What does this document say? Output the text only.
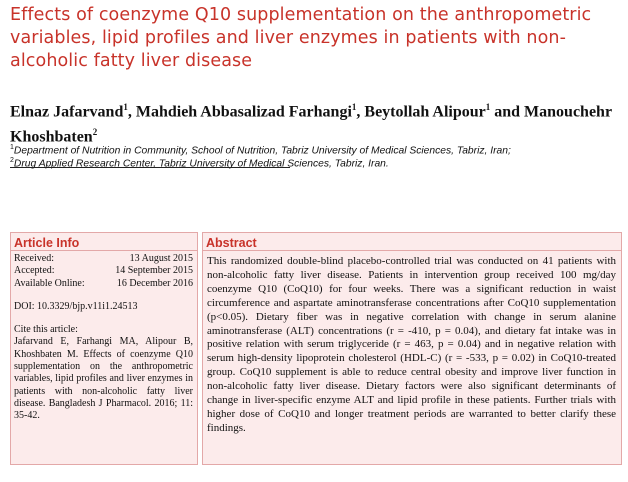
Effects of coenzyme Q10 supplementation on the anthropometric variables, lipid profiles and liver enzymes in patients with non-alcoholic fatty liver disease
Elnaz Jafarvand$^1$, Mahdieh Abbasalizad Farhangi$^1$, Beytollah Alipour$^1$ and Manouchehr Khoshbaten$^2$
$^1$Department of Nutrition in Community, School of Nutrition, Tabriz University of Medical Sciences, Tabriz, Iran;
$^2$Drug Applied Research Center, Tabriz University of Medical Sciences, Tabriz, Iran.
Article Info
Received:	13 August 2015
Accepted:	14 September 2015
Available Online:	16 December 2016
DOI: 10.3329/bjp.v11i1.24513
Cite this article:
Jafarvand E, Farhangi MA, Alipour B, Khoshbaten M. Effects of coenzyme Q10 supplementation on the anthropometric variables, lipid profiles and liver enzymes in patients with non-alcoholic fatty liver disease. Bangladesh J Pharmacol. 2016; 11: 35-42.
Abstract
This randomized double-blind placebo-controlled trial was conducted on 41 patients with non-alcoholic fatty liver disease. Patients in intervention group received 100 mg/day coenzyme Q10 (CoQ10) for four weeks. There was a significant reduction in waist circumference and aspartate aminotransferase concentrations after CoQ10 supplementation (p<0.05). Dietary fiber was in negative correlation with change in serum alanine aminotransferase (ALT) concentrations (r = -410, p = 0.04), and dietary fat intake was in positive relation with serum triglyceride (r = 463, p = 0.04) and in negative relation with serum high-density lipoprotein cholesterol (HDL-C) (r = -533, p = 0.02) in CoQ10-treated group. CoQ10 supplement is able to reduce central obesity and improve liver function in non-alcoholic fatty liver disease. Dietary factors were also significant determinants of change in liver-specific enzyme ALT and lipid profile in these patients. Further trials with higher dose of CoQ10 and longer treatment periods are warranted to better clarify these findings.
